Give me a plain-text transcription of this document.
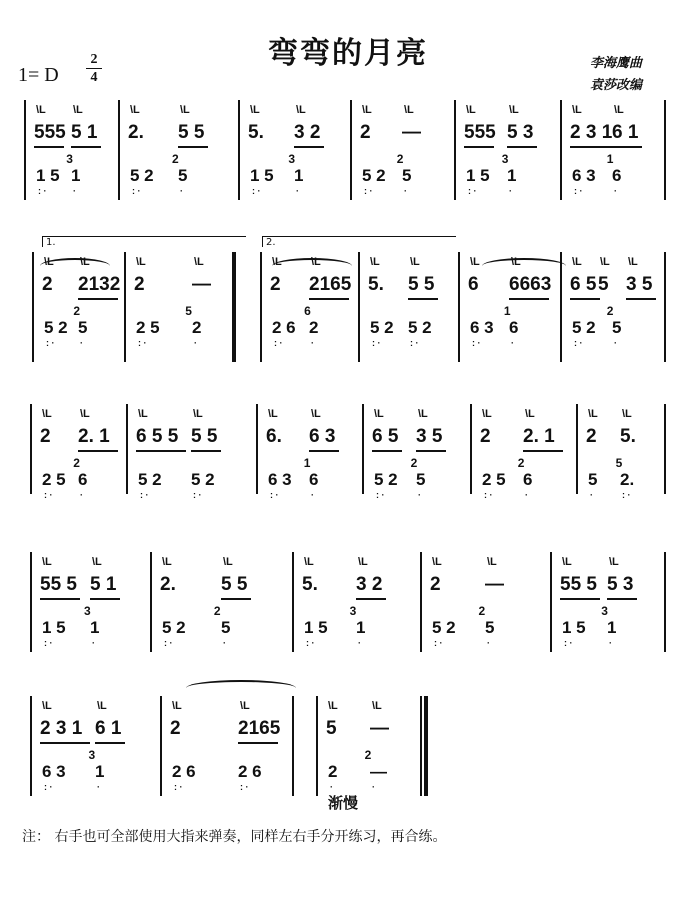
弯弯的月亮
1= D
2
4
李海鹰曲
袁莎改编
1.	2.
555
\L
5 1
\L
3
1 5
: ·
1
·
2.
\L
5 5
\L
2
5 2
: ·
5
·
5.
\L
3 2
\L
3
1 5
: ·
1
·
2
\L
—
\L
2
5 2
: ·
5
·
555
\L
5 3
\L
3
1 5
: ·
1
·
2 3 1
\L
6 1
\L
1
6 3
: ·
6
·
2
\L
2132
\L
2
5 2
: ·
5
·
2
\L
—
\L
5
2 5
: ·
2
·
2
\L
2165
\L
6
2 6
: ·
2
·
5.
\L
5 5
\L
5 2
: ·
5 2
: ·
6
\L
6663
\L
1
6 3
: ·
6
·
6 5
\L
5
\L
3 5
\L
2
5 2
: ·
5
·
2
\L
2. 1
\L
2
2 5
: ·
6
·
6 5 5
\L
5 5
\L
5 2
: ·
5 2
: ·
6.
\L
6 3
\L
1
6 3
: ·
6
·
6 5
\L
3 5
\L
2
5 2
: ·
5
·
2
\L
2. 1
\L
2
2 5
: ·
6
·
2
\L
5.
\L
5
5
·
2.
: ·
55 5
\L
5 1
\L
3
1 5
: ·
1
·
2.
\L
5 5
\L
2
5 2
: ·
5
·
5.
\L
3 2
\L
3
1 5
: ·
1
·
2
\L
—
\L
2
5 2
: ·
5
·
55 5
\L
5 3
\L
3
1 5
: ·
1
·
2 3 1
\L
6 1
\L
3
6 3
: ·
1
·
2
\L
2165
\L
2 6
: ·
2 6
: ·
5
\L
—
\L
2
2
·
—
·
渐慢
注： 右手也可全部使用大指来弹奏，同样左右手分开练习，再合练。
